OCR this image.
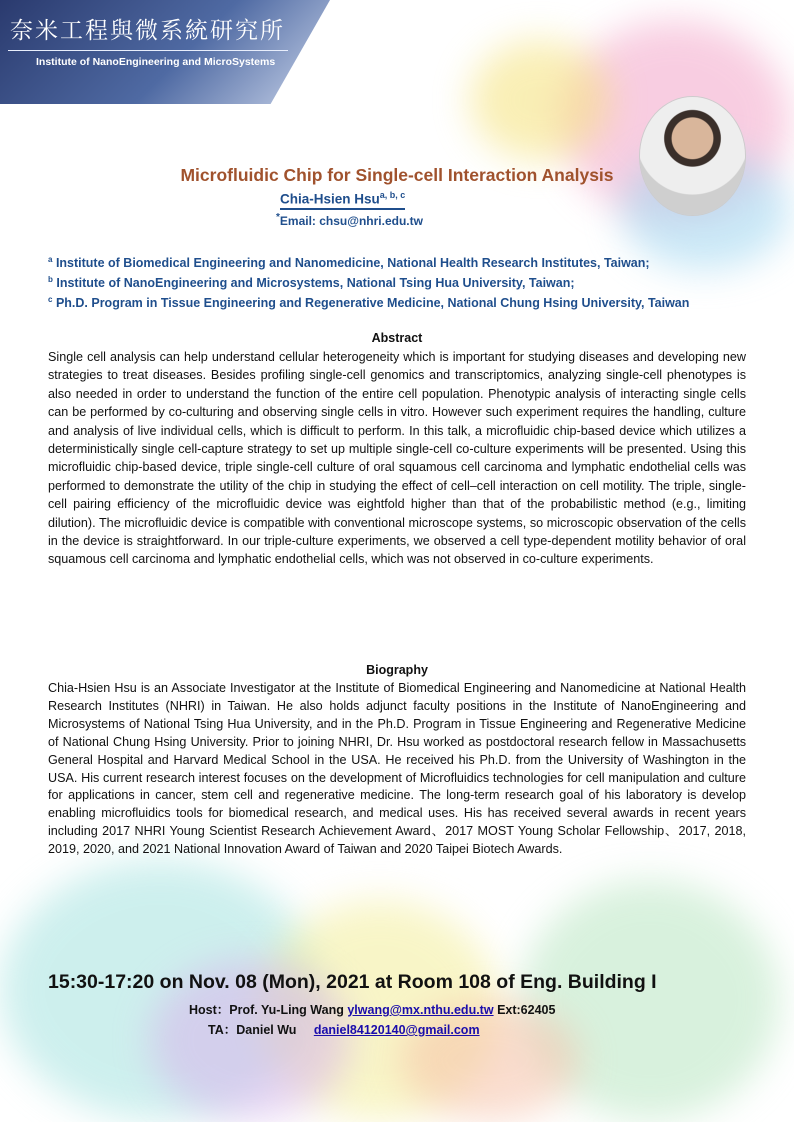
奈米工程與微系統研究所
Institute of NanoEngineering and MicroSystems
Microfluidic Chip for Single-cell Interaction Analysis
Chia-Hsien Hsu$^{a, b, c}$
*Email: chsu@nhri.edu.tw
$^a$ Institute of Biomedical Engineering and Nanomedicine, National Health Research Institutes, Taiwan;
$^b$ Institute of NanoEngineering and Microsystems, National Tsing Hua University, Taiwan;
$^c$ Ph.D. Program in Tissue Engineering and Regenerative Medicine, National Chung Hsing University, Taiwan
Abstract
Single cell analysis can help understand cellular heterogeneity which is important for studying diseases and developing new strategies to treat diseases. Besides profiling single-cell genomics and transcriptomics, analyzing single-cell phenotypes is also needed in order to understand the function of the entire cell population. Phenotypic analysis of interacting single cells can be performed by co-culturing and observing single cells in vitro. However such experiment requires the handling, culture and analysis of live individual cells, which is difficult to perform. In this talk, a microfluidic chip-based device which utilizes a deterministically single cell-capture strategy to set up multiple single-cell co-culture experiments will be presented. Using this microfluidic chip-based device, triple single-cell culture of oral squamous cell carcinoma and lymphatic endothelial cells was performed to demonstrate the utility of the chip in studying the effect of cell–cell interaction on cell motility. The triple, single-cell pairing efficiency of the microfluidic device was eightfold higher than that of the probabilistic method (e.g., limiting dilution). The microfluidic device is compatible with conventional microscope systems, so microscopic observation of the cells in the device is straightforward. In our triple-culture experiments, we observed a cell type-dependent motility behavior of oral squamous cell carcinoma and lymphatic endothelial cells, which was not observed in co-culture experiments.
Biography
Chia-Hsien Hsu is an Associate Investigator at the Institute of Biomedical Engineering and Nanomedicine at National Health Research Institutes (NHRI) in Taiwan. He also holds adjunct faculty positions in the Institute of NanoEngineering and Microsystems of National Tsing Hua University, and in the Ph.D. Program in Tissue Engineering and Regenerative Medicine of National Chung Hsing University. Prior to joining NHRI, Dr. Hsu worked as postdoctoral research fellow in Massachusetts General Hospital and Harvard Medical School in the USA. He received his Ph.D. from the University of Washington in the USA. His current research interest focuses on the development of Microfluidics technologies for cell manipulation and culture for applications in cancer, stem cell and regenerative medicine. The long-term research goal of his laboratory is develop enabling microfluidics tools for biomedical research, and medical uses. His has received several awards in recent years including 2017 NHRI Young Scientist Research Achievement Award、2017 MOST Young Scholar Fellowship、2017, 2018, 2019, 2020, and 2021 National Innovation Award of Taiwan and 2020 Taipei Biotech Awards.
15:30-17:20 on Nov. 08 (Mon), 2021 at Room 108 of Eng. Building I
Host：Prof. Yu-Ling Wang ylwang@mx.nthu.edu.tw Ext:62405
TA：Daniel Wu daniel84120140@gmail.com
